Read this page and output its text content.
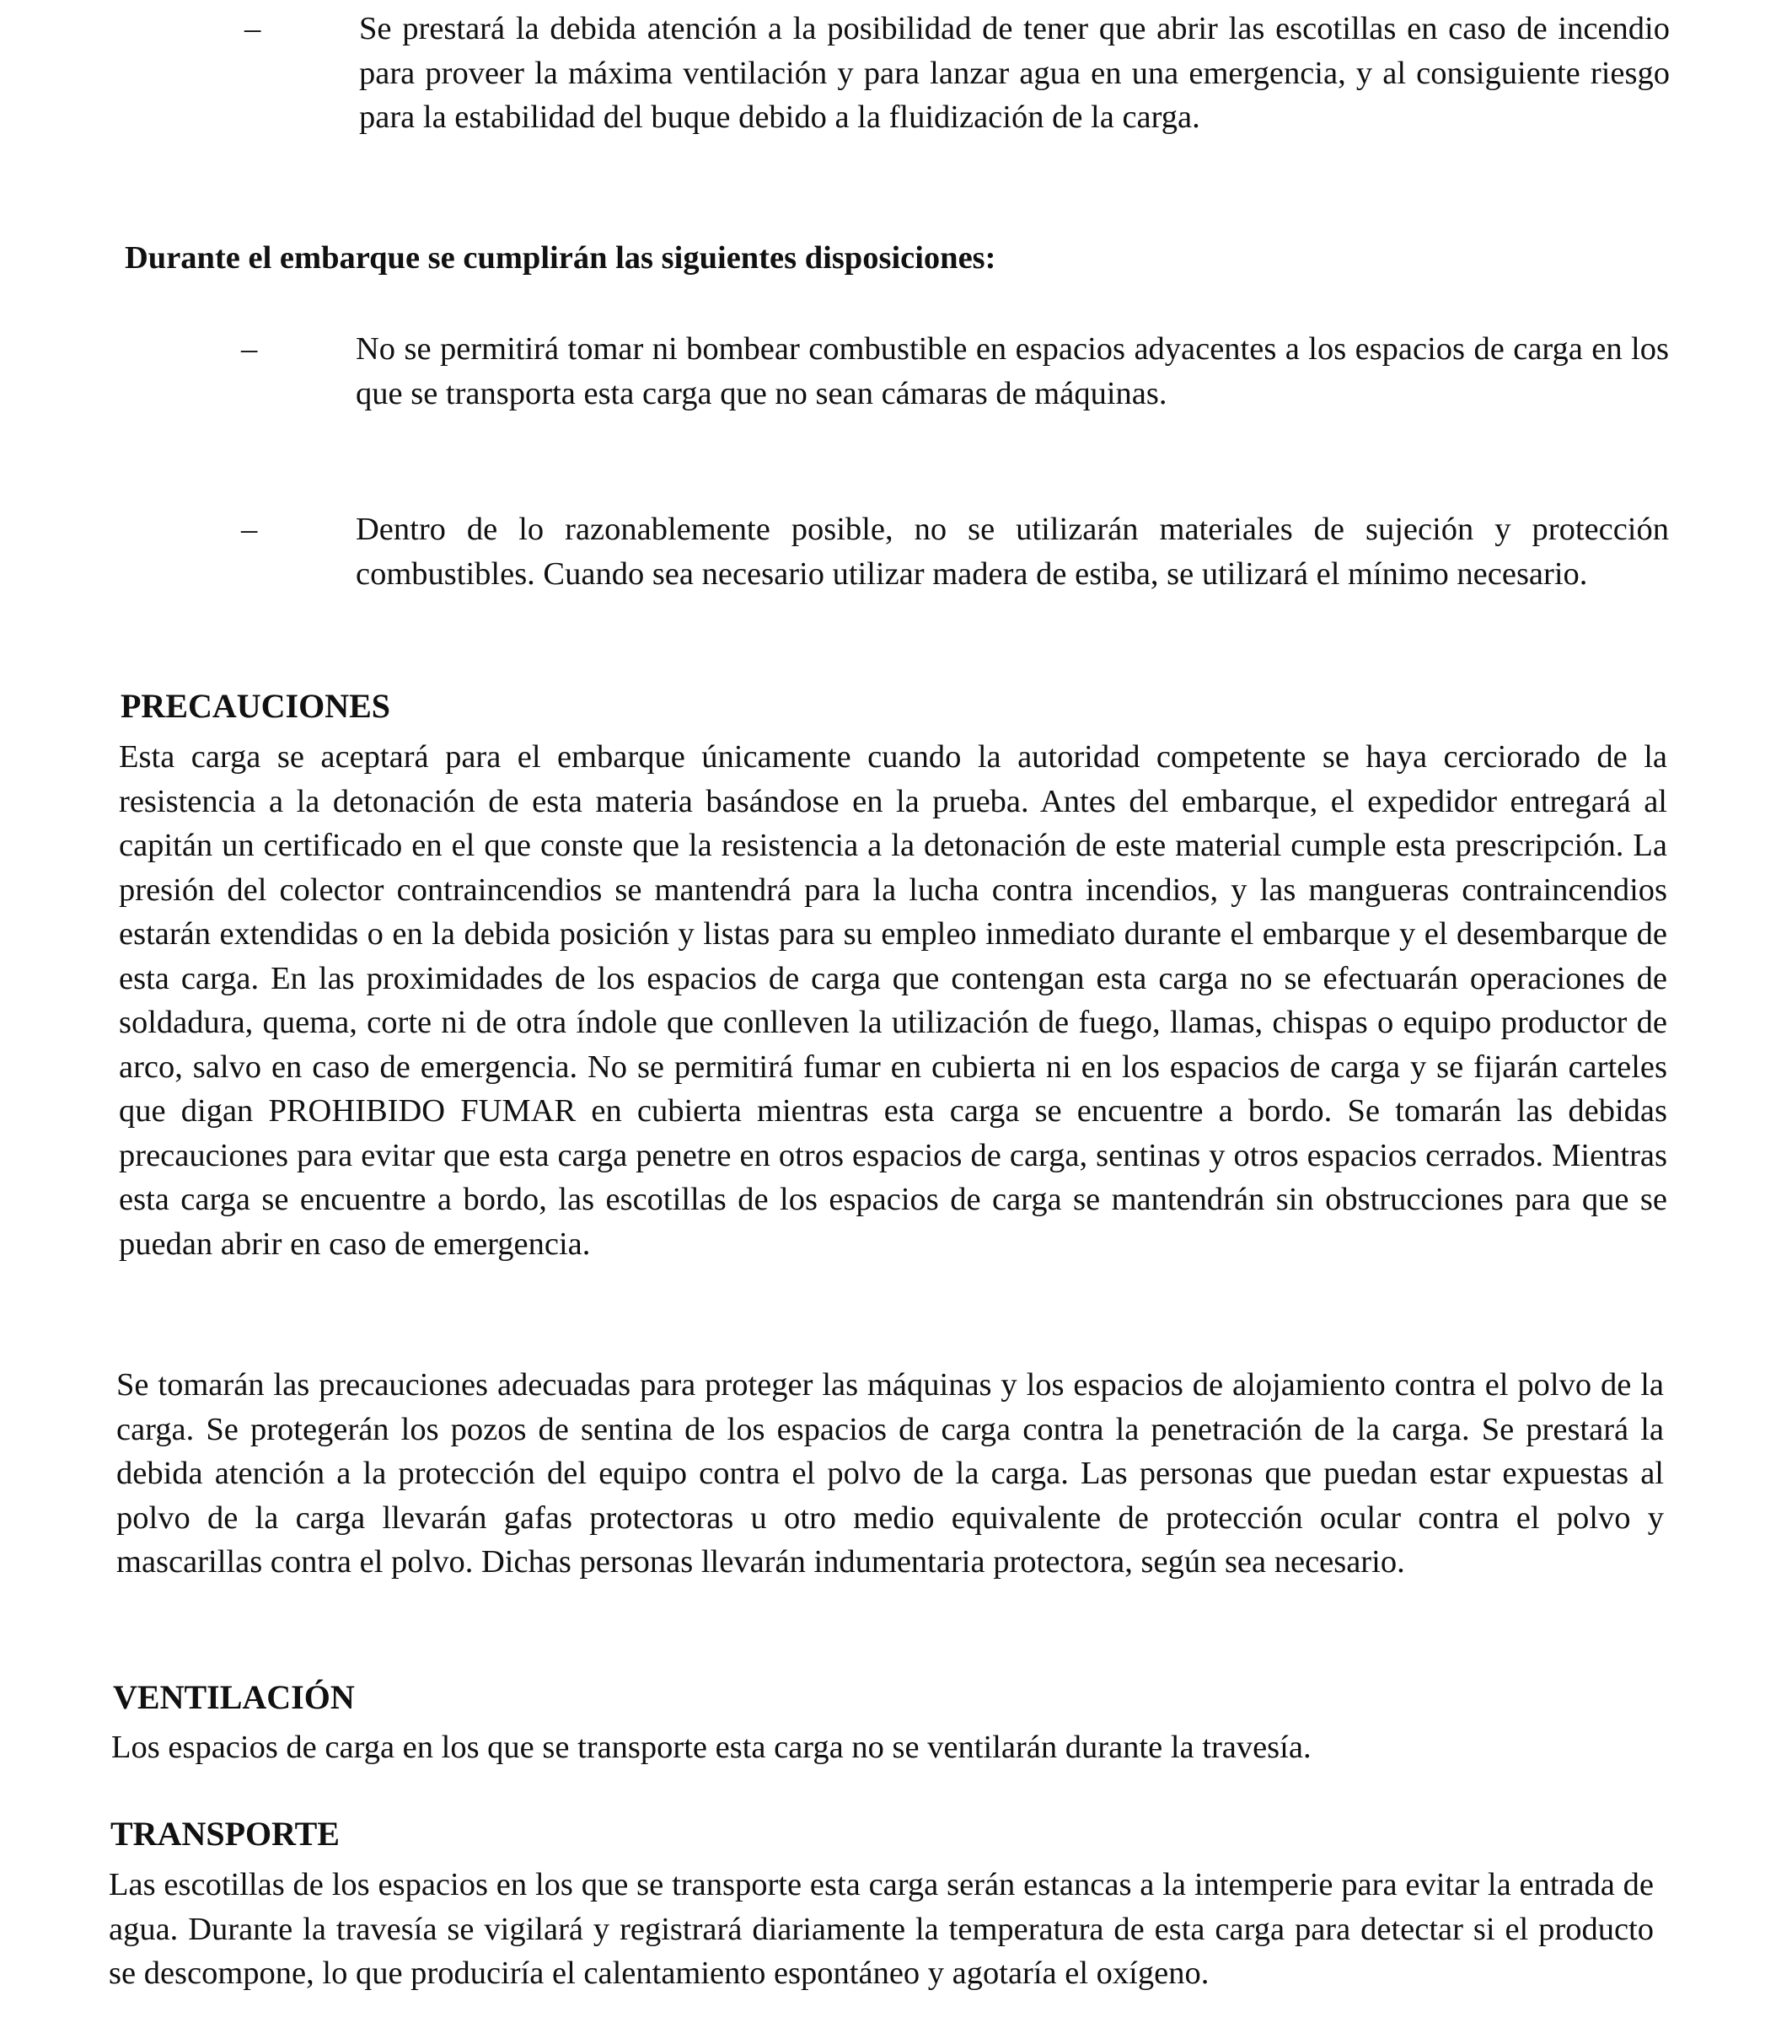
–	Se prestará la debida atención a la posibilidad de tener que abrir las escotillas en caso de incendio para proveer la máxima ventilación y para lanzar agua en una emergencia, y al consiguiente riesgo para la estabilidad del buque debido a la fluidización de la carga.

Durante el embarque se cumplirán las siguientes disposiciones:

–	No se permitirá tomar ni bombear combustible en espacios adyacentes a los espacios de carga en los que se transporta esta carga que no sean cámaras de máquinas.

–	Dentro de lo razonablemente posible, no se utilizarán materiales de sujeción y protección combustibles. Cuando sea necesario utilizar madera de estiba, se utilizará el mínimo necesario.

PRECAUCIONES

Esta carga se aceptará para el embarque únicamente cuando la autoridad competente se haya cerciorado de la resistencia a la detonación de esta materia basándose en la prueba. Antes del embarque, el expedidor entregará al capitán un certificado en el que conste que la resistencia a la detonación de este material cumple esta prescripción. La presión del colector contraincendios se mantendrá para la lucha contra incendios, y las mangueras contraincendios estarán extendidas o en la debida posición y listas para su empleo inmediato durante el embarque y el desembarque de esta carga. En las proximidades de los espacios de carga que contengan esta carga no se efectuarán operaciones de soldadura, quema, corte ni de otra índole que conlleven la utilización de fuego, llamas, chispas o equipo productor de arco, salvo en caso de emergencia. No se permitirá fumar en cubierta ni en los espacios de carga y se fijarán carteles que digan PROHIBIDO FUMAR en cubierta mientras esta carga se encuentre a bordo. Se tomarán las debidas precauciones para evitar que esta carga penetre en otros espacios de carga, sentinas y otros espacios cerrados. Mientras esta carga se encuentre a bordo, las escotillas de los espacios de carga se mantendrán sin obstrucciones para que se puedan abrir en caso de emergencia.

Se tomarán las precauciones adecuadas para proteger las máquinas y los espacios de alojamiento contra el polvo de la carga. Se protegerán los pozos de sentina de los espacios de carga contra la penetración de la carga. Se prestará la debida atención a la protección del equipo contra el polvo de la carga. Las personas que puedan estar expuestas al polvo de la carga llevarán gafas protectoras u otro medio equivalente de protección ocular contra el polvo y mascarillas contra el polvo. Dichas personas llevarán indumentaria protectora, según sea necesario.

VENTILACIÓN

Los espacios de carga en los que se transporte esta carga no se ventilarán durante la travesía.

TRANSPORTE

Las escotillas de los espacios en los que se transporte esta carga serán estancas a la intemperie para evitar la entrada de agua. Durante la travesía se vigilará y registrará diariamente la temperatura de esta carga para detectar si el producto se descompone, lo que produciría el calentamiento espontáneo y agotaría el oxígeno.
